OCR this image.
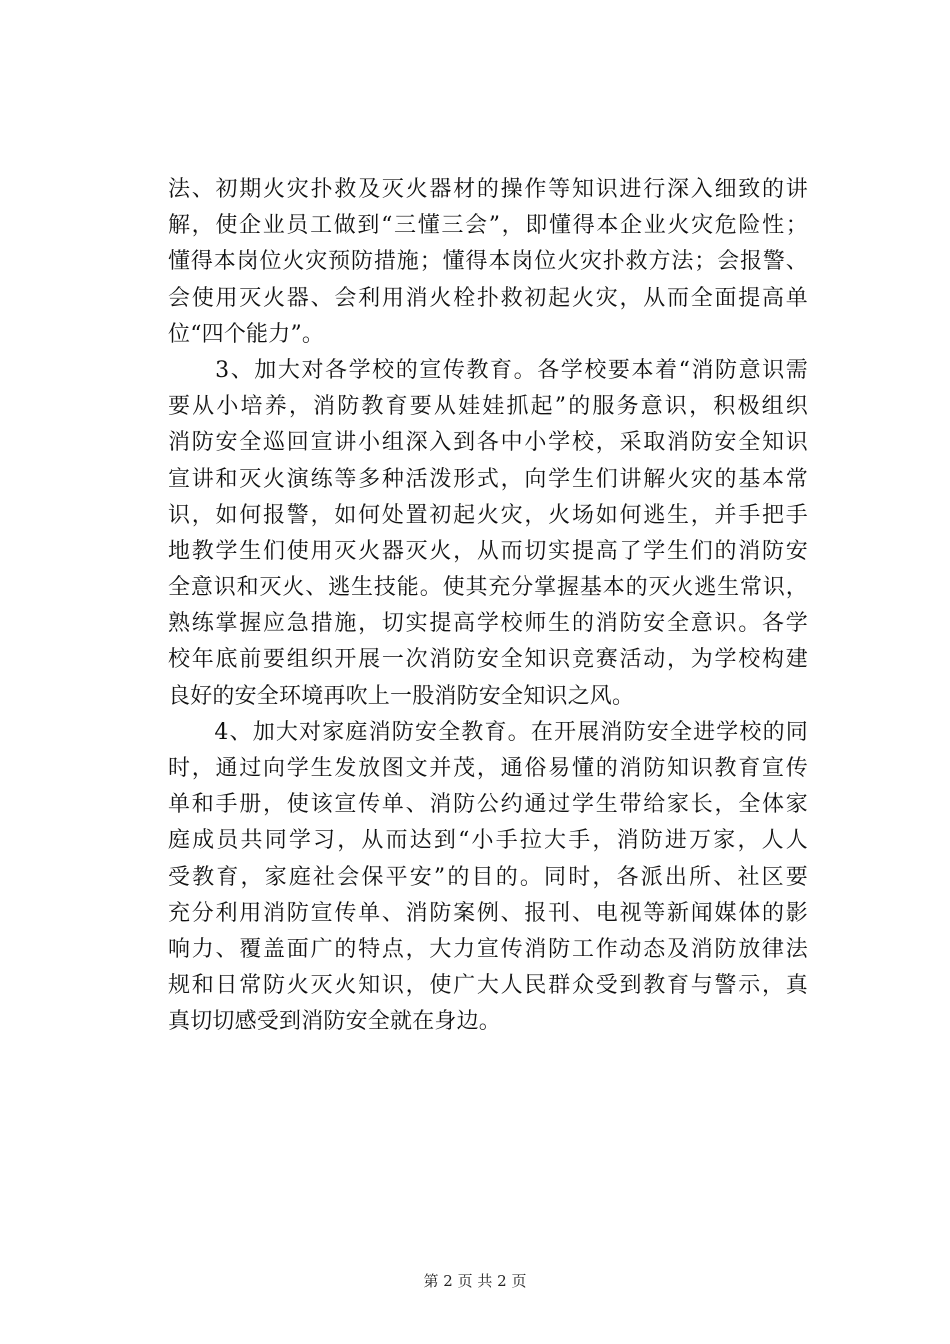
法、初期火灾扑救及灭火器材的操作等知识进行深入细致的讲
解，使企业员工做到“三懂三会”，即懂得本企业火灾危险性；
懂得本岗位火灾预防措施；懂得本岗位火灾扑救方法；会报警、
会使用灭火器、会利用消火栓扑救初起火灾，从而全面提高单
位“四个能力”。
　　3、加大对各学校的宣传教育。各学校要本着“消防意识需
要从小培养，消防教育要从娃娃抓起”的服务意识，积极组织
消防安全巡回宣讲小组深入到各中小学校，采取消防安全知识
宣讲和灭火演练等多种活泼形式，向学生们讲解火灾的基本常
识，如何报警，如何处置初起火灾，火场如何逃生，并手把手
地教学生们使用灭火器灭火，从而切实提高了学生们的消防安
全意识和灭火、逃生技能。使其充分掌握基本的灭火逃生常识，
熟练掌握应急措施，切实提高学校师生的消防安全意识。各学
校年底前要组织开展一次消防安全知识竞赛活动，为学校构建
良好的安全环境再吹上一股消防安全知识之风。
　　4、加大对家庭消防安全教育。在开展消防安全进学校的同
时，通过向学生发放图文并茂，通俗易懂的消防知识教育宣传
单和手册，使该宣传单、消防公约通过学生带给家长，全体家
庭成员共同学习，从而达到“小手拉大手，消防进万家，人人
受教育，家庭社会保平安”的目的。同时，各派出所、社区要
充分利用消防宣传单、消防案例、报刊、电视等新闻媒体的影
响力、覆盖面广的特点，大力宣传消防工作动态及消防放律法
规和日常防火灭火知识，使广大人民群众受到教育与警示，真
真切切感受到消防安全就在身边。
第 2 页 共 2 页
